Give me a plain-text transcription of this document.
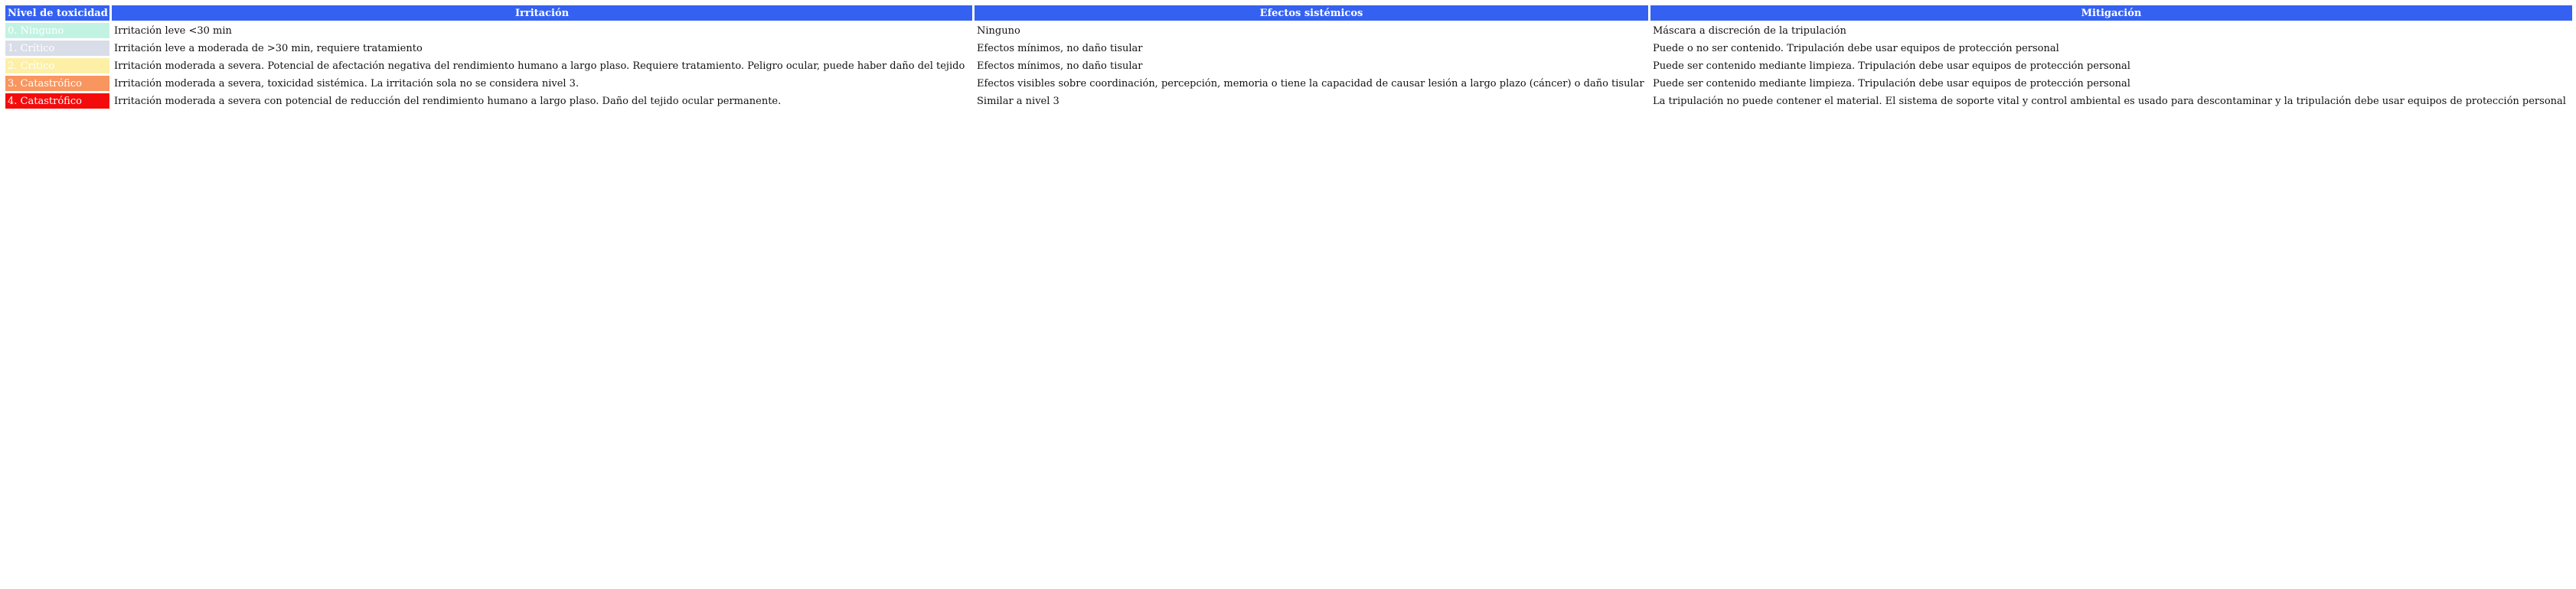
Nivel de toxicidad	Irritación	Efectos sistémicos	Mitigación
0. Ninguno	Irritación leve <30 min	Ninguno	Máscara a discreción de la tripulación
1. Crítico	Irritación leve a moderada de >30 min, requiere tratamiento	Efectos mínimos, no daño tisular	Puede o no ser contenido. Tripulación debe usar equipos de protección personal
2. Crítico	Irritación moderada a severa. Potencial de afectación negativa del rendimiento humano a largo plaso. Requiere tratamiento. Peligro ocular, puede haber daño del tejido	Efectos mínimos, no daño tisular	Puede ser contenido mediante limpieza. Tripulación debe usar equipos de protección personal
3. Catastrófico	Irritación moderada a severa, toxicidad sistémica. La irritación sola no se considera nivel 3.	Efectos visibles sobre coordinación, percepción, memoria o tiene la capacidad de causar lesión a largo plazo (cáncer) o daño tisular	Puede ser contenido mediante limpieza. Tripulación debe usar equipos de protección personal
4. Catastrófico	Irritación moderada a severa con potencial de reducción del rendimiento humano a largo plaso. Daño del tejido ocular permanente.	Similar a nivel 3	La tripulación no puede contener el material. El sistema de soporte vital y control ambiental es usado para descontaminar y la tripulación debe usar equipos de protección personal
